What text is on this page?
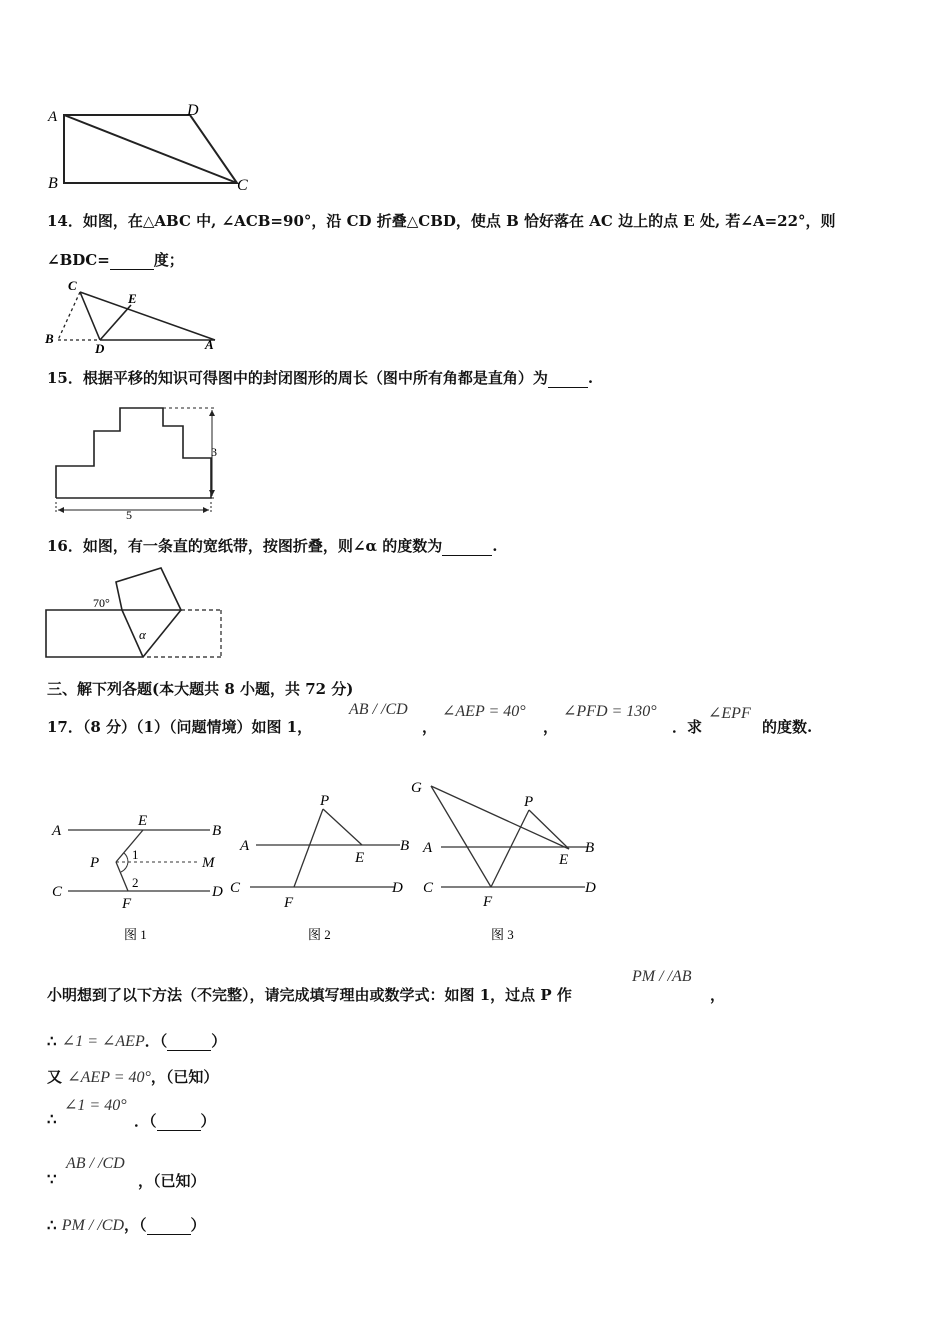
A	D
B	C
14．如图，在△ABC 中, ∠ACB=90°，沿 CD 折叠△CBD，使点 B 恰好落在 AC 边上的点 E 处, 若∠A=22°，则
∠BDC=	度；
C
E
B
D	A
15．根据平移的知识可得图中的封闭图形的周长（图中所有角都是直角）为	.
3
5
16．如图，有一条直的宽纸带，按图折叠，则∠α 的度数为	.
70°
α
三、解下列各题(本大题共 8 小题，共 72 分)
17．（8 分）（1）（问题情境）如图 1，
AB / /CD
，
∠AEP = 40°
，
∠PFD = 130°
．求
∠EPF
的度数.
A
E
B
P
1
M
2
C
F
D
图 1
P
A
E
B
C
F
D
图 2
G
P
A
E
B
C
F
D
图 3
小明想到了以下方法（不完整），请完成填写理由或数学式：如图 1，过点 P 作
PM / /AB
，
∴ ∠1 = ∠AEP．（	）
又 ∠AEP = 40°，（已知）
∴
∠1 = 40°
．（	）
∵
AB / /CD
，（已知）
∴ PM / /CD，（	）
